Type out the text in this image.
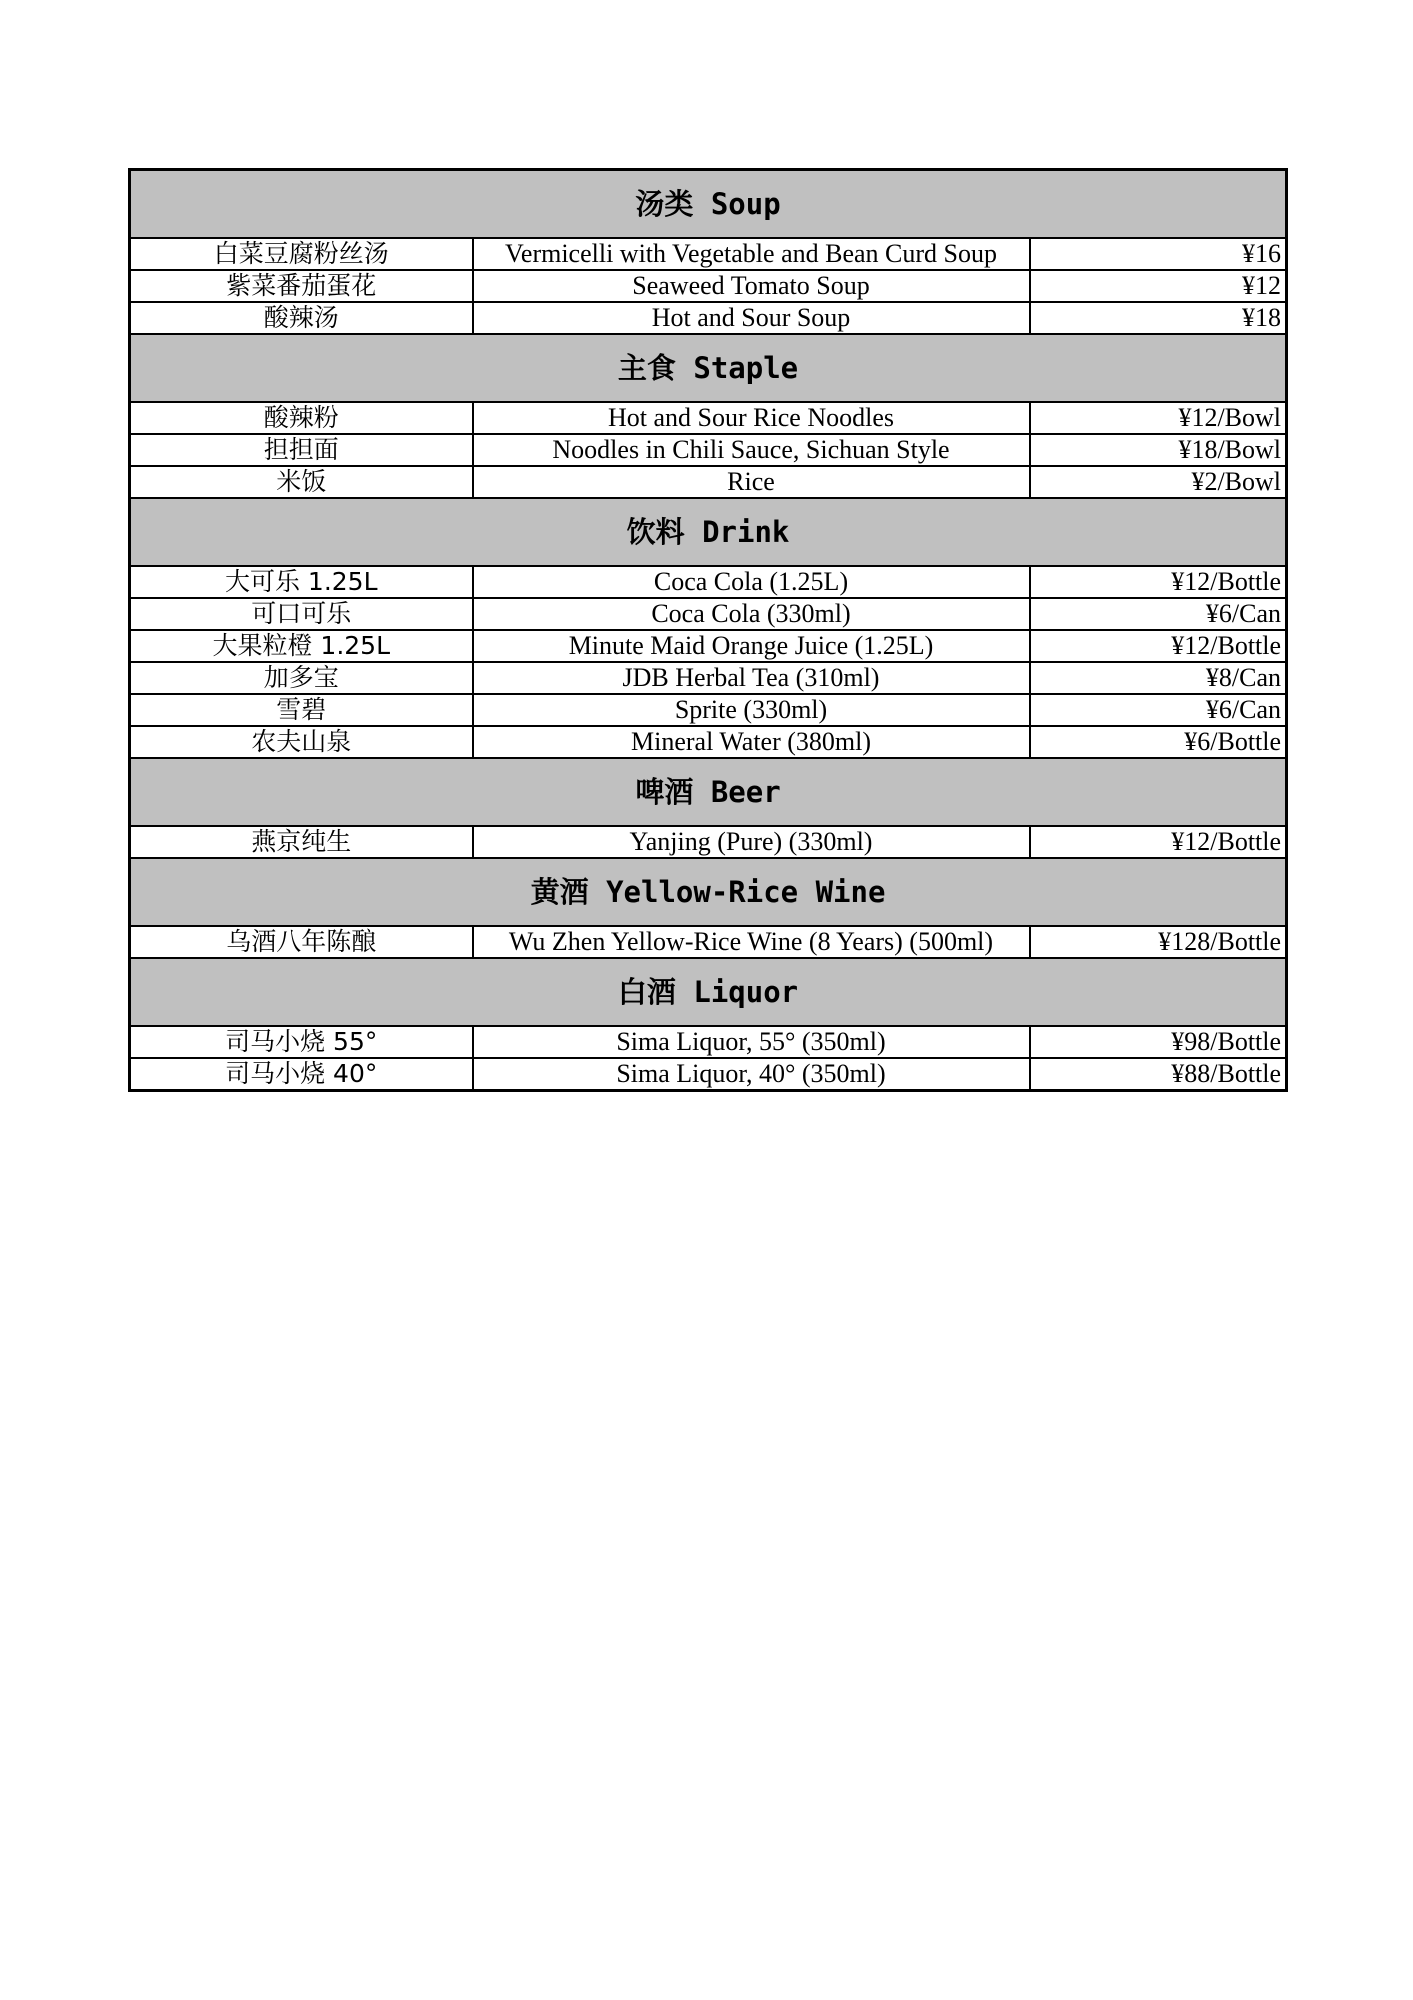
汤类 Soup		
白菜豆腐粉丝汤	Vermicelli with Vegetable and Bean Curd Soup	¥16
紫菜番茄蛋花	Seaweed Tomato Soup	¥12
酸辣汤	Hot and Sour Soup	¥18
主食 Staple		
酸辣粉	Hot and Sour Rice Noodles	¥12/Bowl
担担面	Noodles in Chili Sauce, Sichuan Style	¥18/Bowl
米饭	Rice	¥2/Bowl
饮料 Drink		
大可乐 1.25L	Coca Cola (1.25L)	¥12/Bottle
可口可乐	Coca Cola (330ml)	¥6/Can
大果粒橙 1.25L	Minute Maid Orange Juice (1.25L)	¥12/Bottle
加多宝	JDB Herbal Tea (310ml)	¥8/Can
雪碧	Sprite (330ml)	¥6/Can
农夫山泉	Mineral Water (380ml)	¥6/Bottle
啤酒 Beer		
燕京纯生	Yanjing (Pure) (330ml)	¥12/Bottle
黄酒 Yellow-Rice Wine		
乌酒八年陈酿	Wu Zhen Yellow-Rice Wine (8 Years) (500ml)	¥128/Bottle
白酒 Liquor		
司马小烧 55°	Sima Liquor, 55° (350ml)	¥98/Bottle
司马小烧 40°	Sima Liquor, 40° (350ml)	¥88/Bottle
